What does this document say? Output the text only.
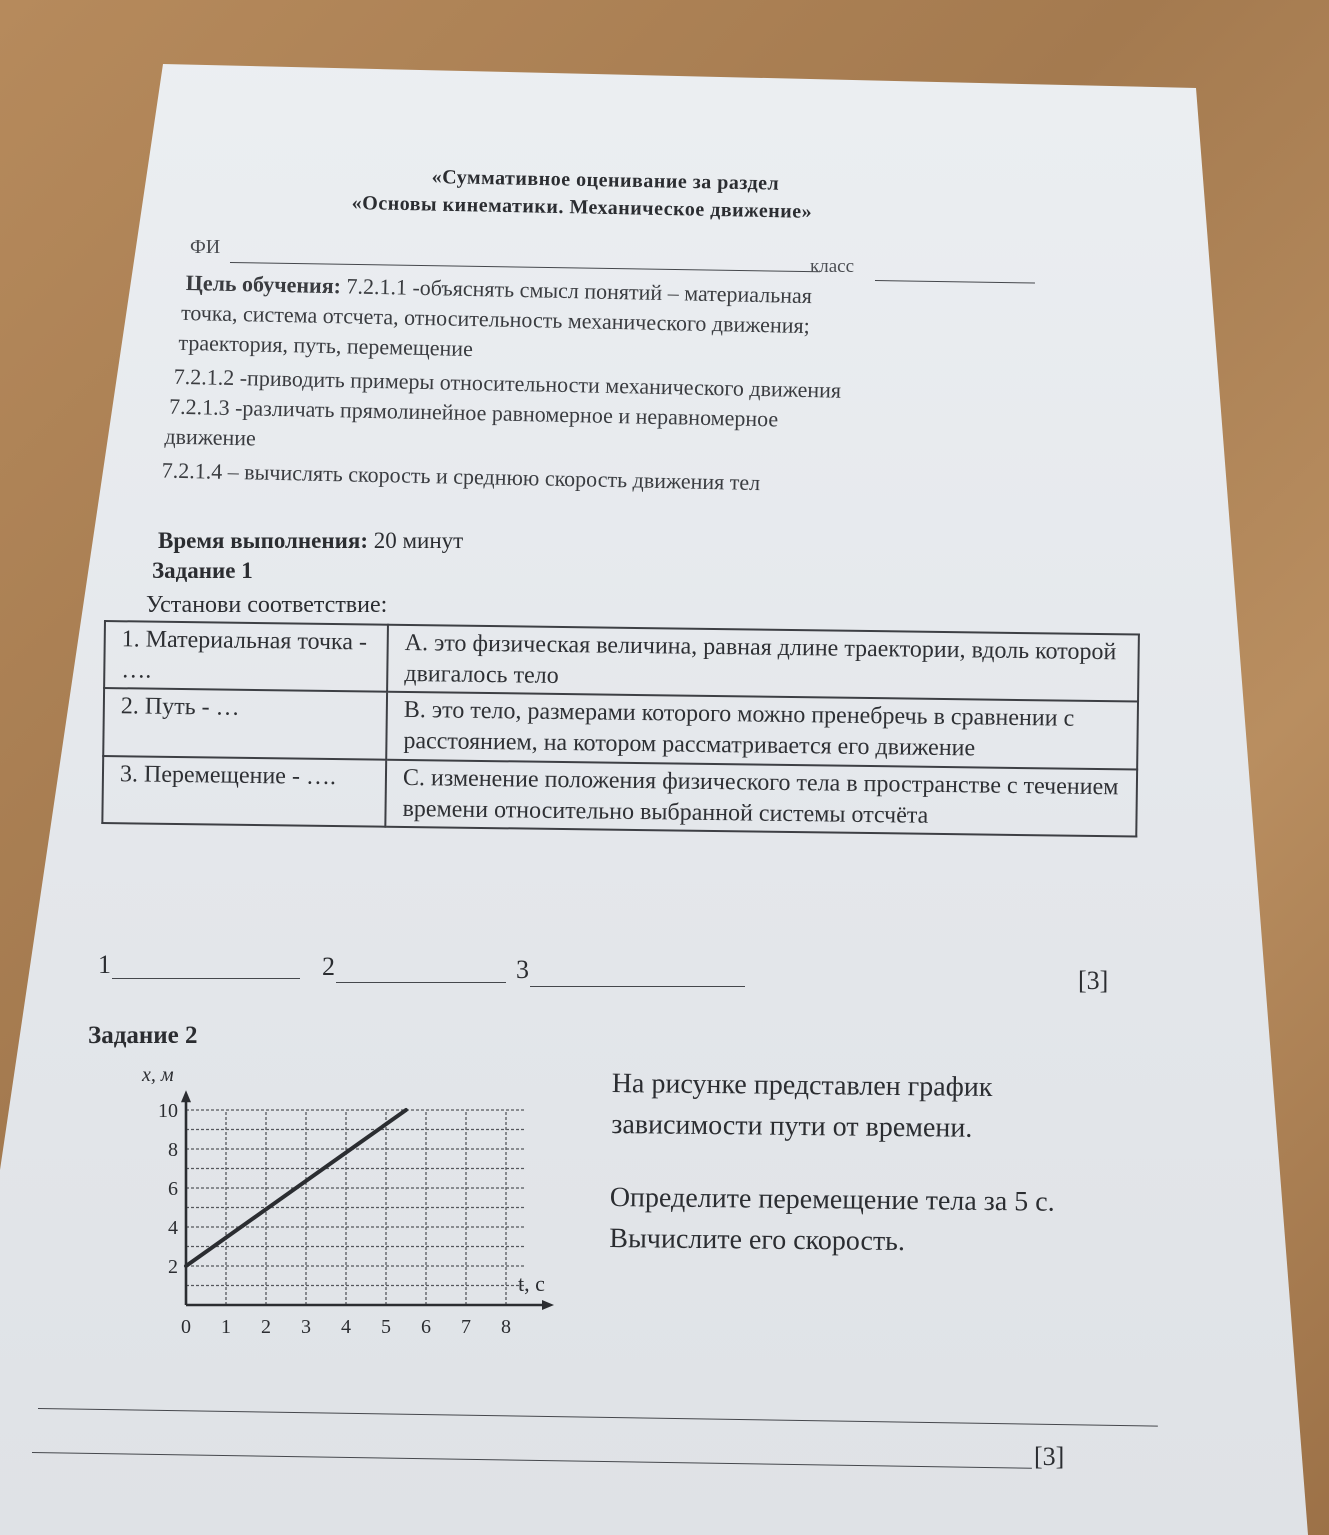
«Суммативное оценивание за раздел
«Основы кинематики. Механическое движение»
ФИ
класс
Цель обучения: 7.2.1.1 -объяснять смысл понятий – материальная
точка, система отсчета, относительность механического движения;
траектория, путь, перемещение
7.2.1.2 -приводить примеры относительности механического движения
7.2.1.3 -различать прямолинейное равномерное и неравномерное
движение
7.2.1.4 – вычислять скорость и среднюю скорость движения тел
Время выполнения: 20 минут
Задание 1
Установи соответствие:
1. Материальная точка - ….	А. это физическая величина, равная длине траектории, вдоль которой двигалось тело
2. Путь - …	В. это тело, размерами которого можно пренебречь в сравнении с расстоянием, на котором рассматривается его движение
3. Перемещение - ….	С. изменение положения физического тела в пространстве с течением времени относительно выбранной системы отсчёта
1	2	3	[3]
Задание 2
0 1 2 3 4 5 6 7 8
2
4
6
8
10
x, м
t, с
На рисунке представлен график зависимости пути от времени.
Определите перемещение тела за 5 с. Вычислите его скорость.
[3]
